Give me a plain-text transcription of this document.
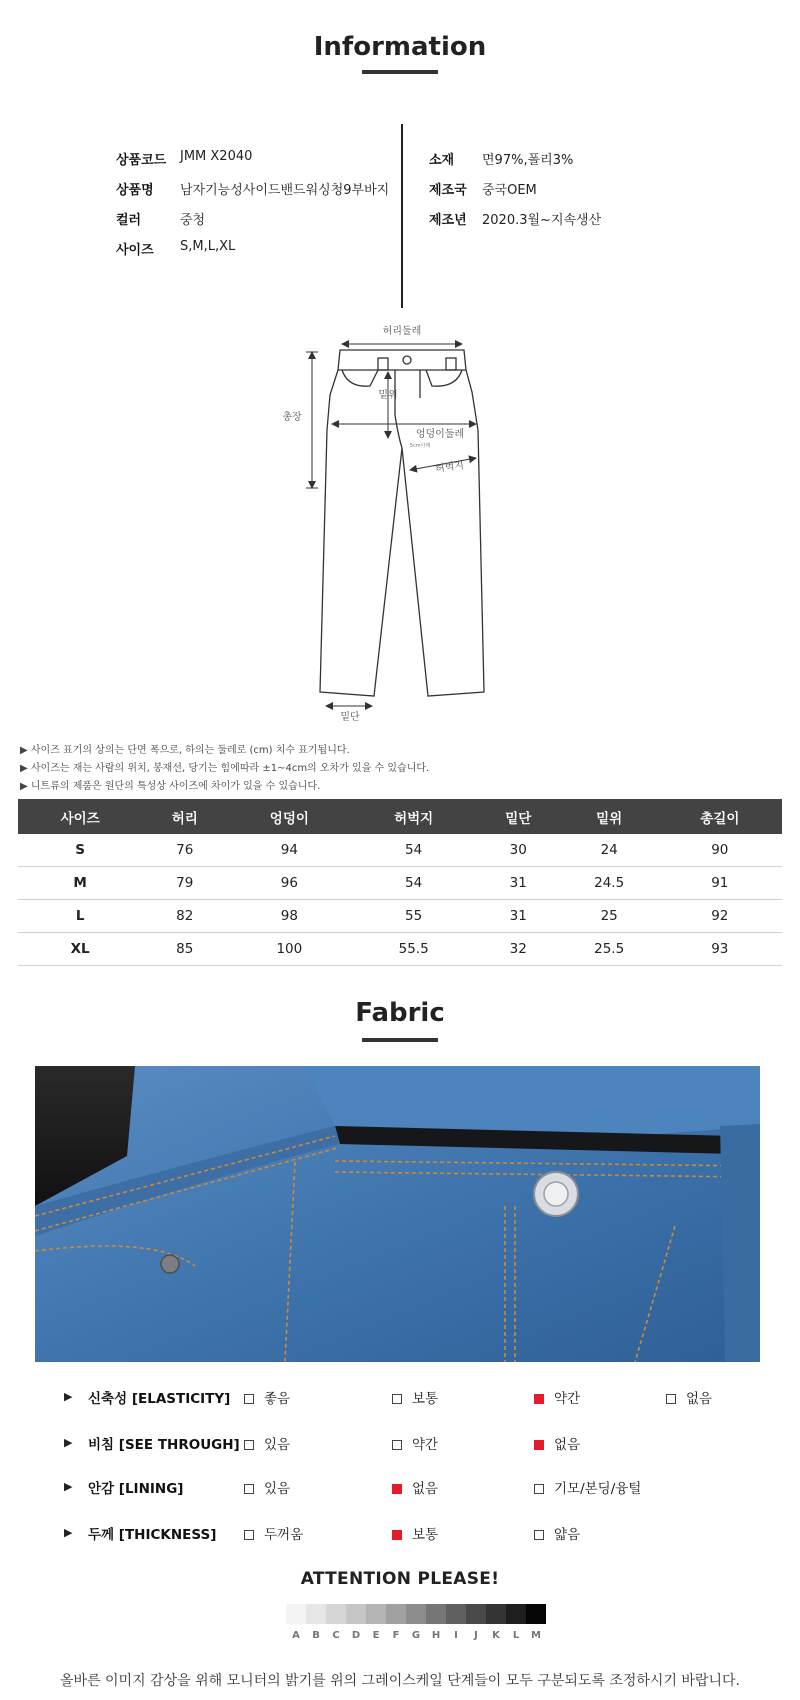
Information
상품코드 JMM X2040
상품명 남자기능성사이드밴드워싱청9부바지
컬러	중청
사이즈 S,M,L,XL
소재 면97%,폴리3%
제조국 중국OEM
제조년 2020.3월~지속생산
허리둘레
밑위
총장
엉덩이둘레
5cm아래
허벅지
밑단
▶ 사이즈 표기의 상의는 단면 폭으로, 하의는 둘레로 (cm) 치수 표기됩니다.
▶ 사이즈는 재는 사람의 위치, 봉재선, 당기는 힘에따라 ±1~4cm의 오차가 있을 수 있습니다.
▶ 니트류의 제품은 원단의 특성상 사이즈에 차이가 있을 수 있습니다.
사이즈	허리	엉덩이	허벅지	밑단	밑위	총길이
S	76	94	54	30	24	90
M	79	96	54	31	24.5	91
L	82	98	55	31	25	92
XL	85	100	55.5	32	25.5	93
Fabric
▶ 신축성 [ELASTICITY]	좋음	보통	약간	없음
▶ 비침 [SEE THROUGH]	있음	약간	없음
▶ 안감 [LINING]	있음	없음	기모/본딩/융털
▶ 두께 [THICKNESS]	두꺼움	보통	얇음
ATTENTION PLEASE!
A	B	C	D	E	F	G	H	I	J	K	L	M
올바른 이미지 감상을 위해 모니터의 밝기를 위의 그레이스케일 단계들이 모두 구분되도록 조정하시기 바랍니다.
